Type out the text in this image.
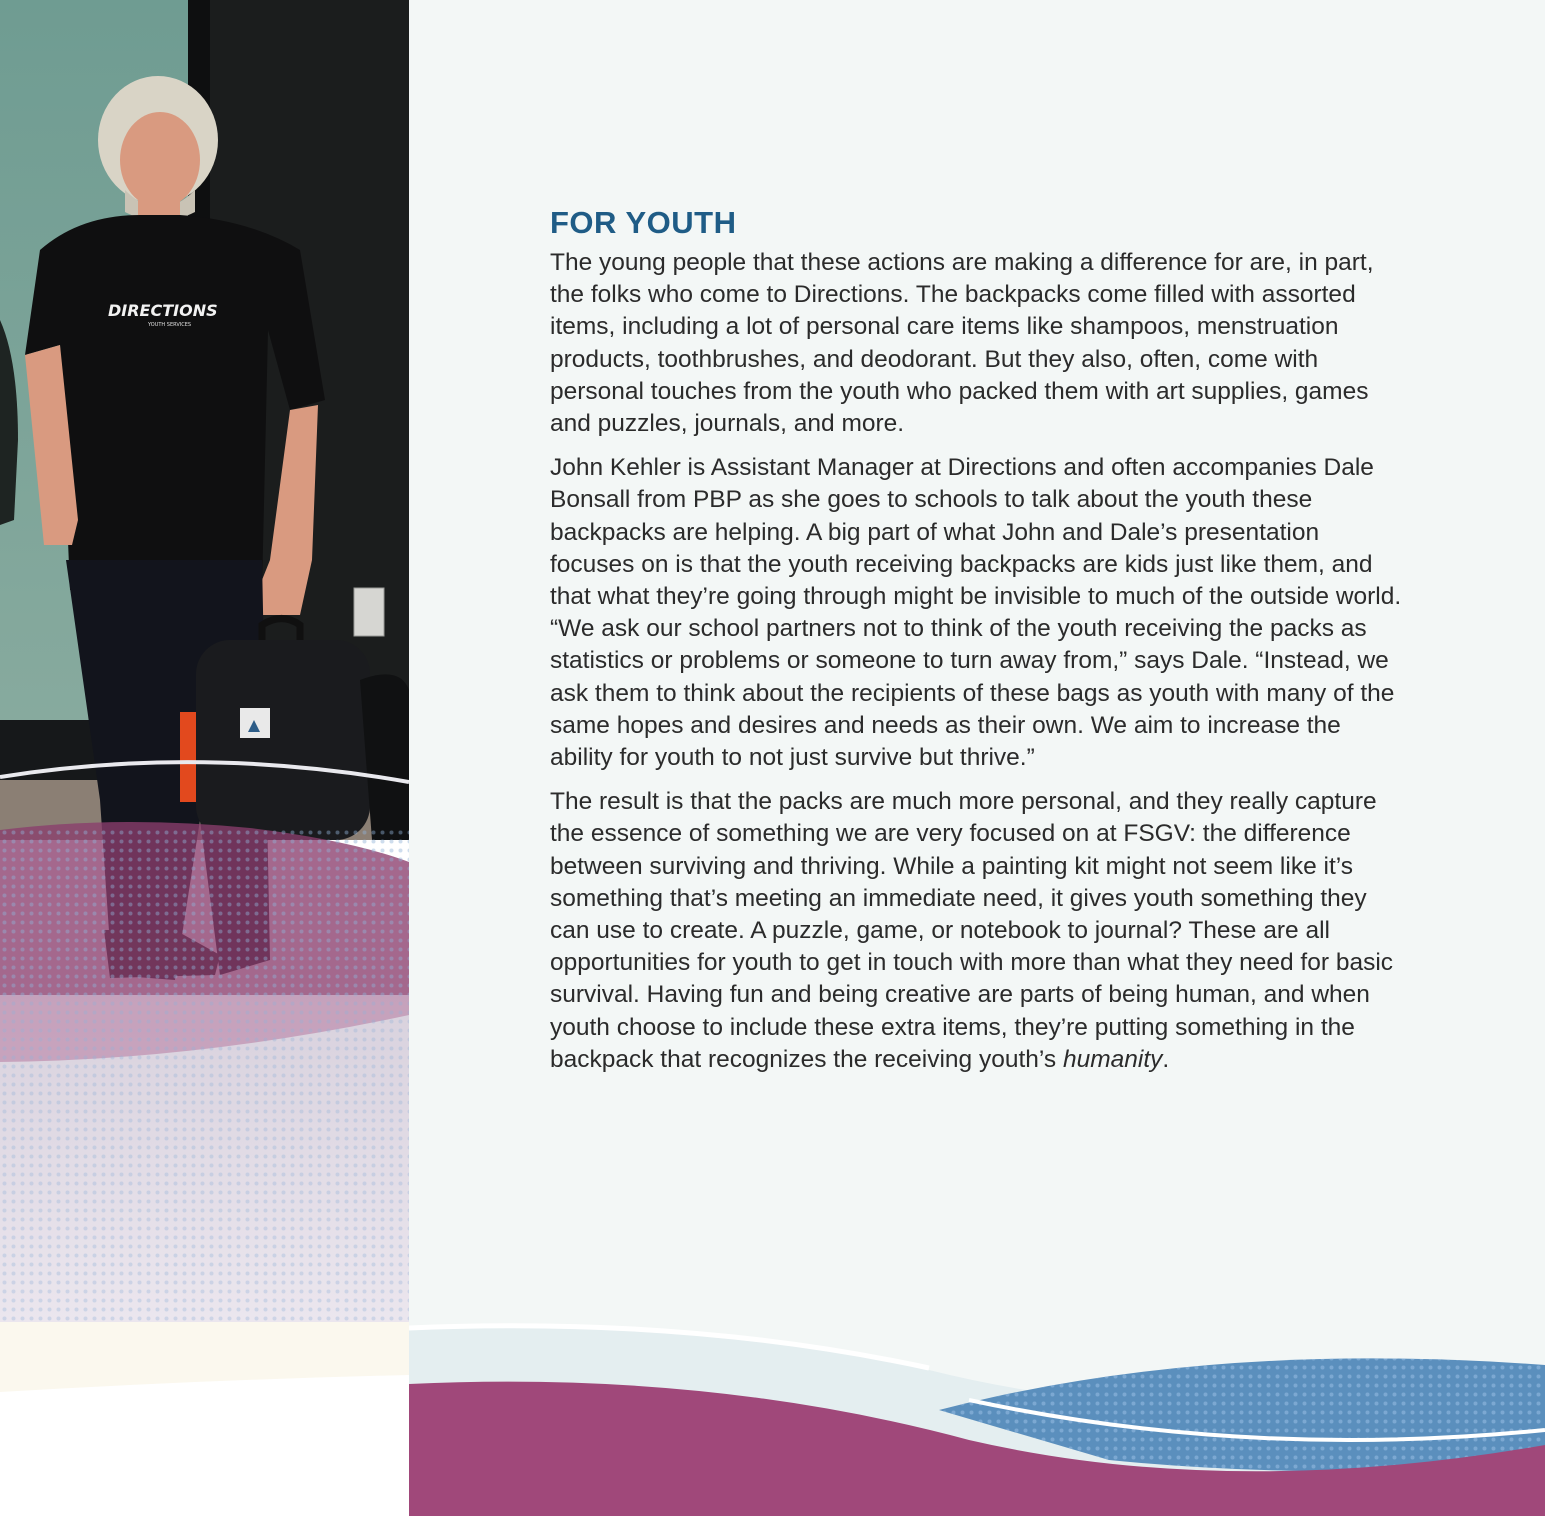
DIRECTIONS
YOUTH SERVICES
FOR YOUTH

The young people that these actions are making a difference for are, in part, the folks who come to Directions. The backpacks come filled with assorted items, including a lot of personal care items like shampoos, menstruation products, toothbrushes, and deodorant. But they also, often, come with personal touches from the youth who packed them with art supplies, games and puzzles, journals, and more.

John Kehler is Assistant Manager at Directions and often accompanies Dale Bonsall from PBP as she goes to schools to talk about the youth these backpacks are helping. A big part of what John and Dale’s presentation focuses on is that the youth receiving backpacks are kids just like them, and that what they’re going through might be invisible to much of the outside world.

“We ask our school partners not to think of the youth receiving the packs as statistics or problems or someone to turn away from,” says Dale. “Instead, we ask them to think about the recipients of these bags as youth with many of the same hopes and desires and needs as their own. We aim to increase the ability for youth to not just survive but thrive.”

The result is that the packs are much more personal, and they really capture the essence of something we are very focused on at FSGV: the difference between surviving and thriving. While a painting kit might not seem like it’s something that’s meeting an immediate need, it gives youth something they can use to create. A puzzle, game, or notebook to journal? These are all opportunities for youth to get in touch with more than what they need for basic survival. Having fun and being creative are parts of being human, and when youth choose to include these extra items, they’re putting something in the backpack that recognizes the receiving youth’s humanity.
